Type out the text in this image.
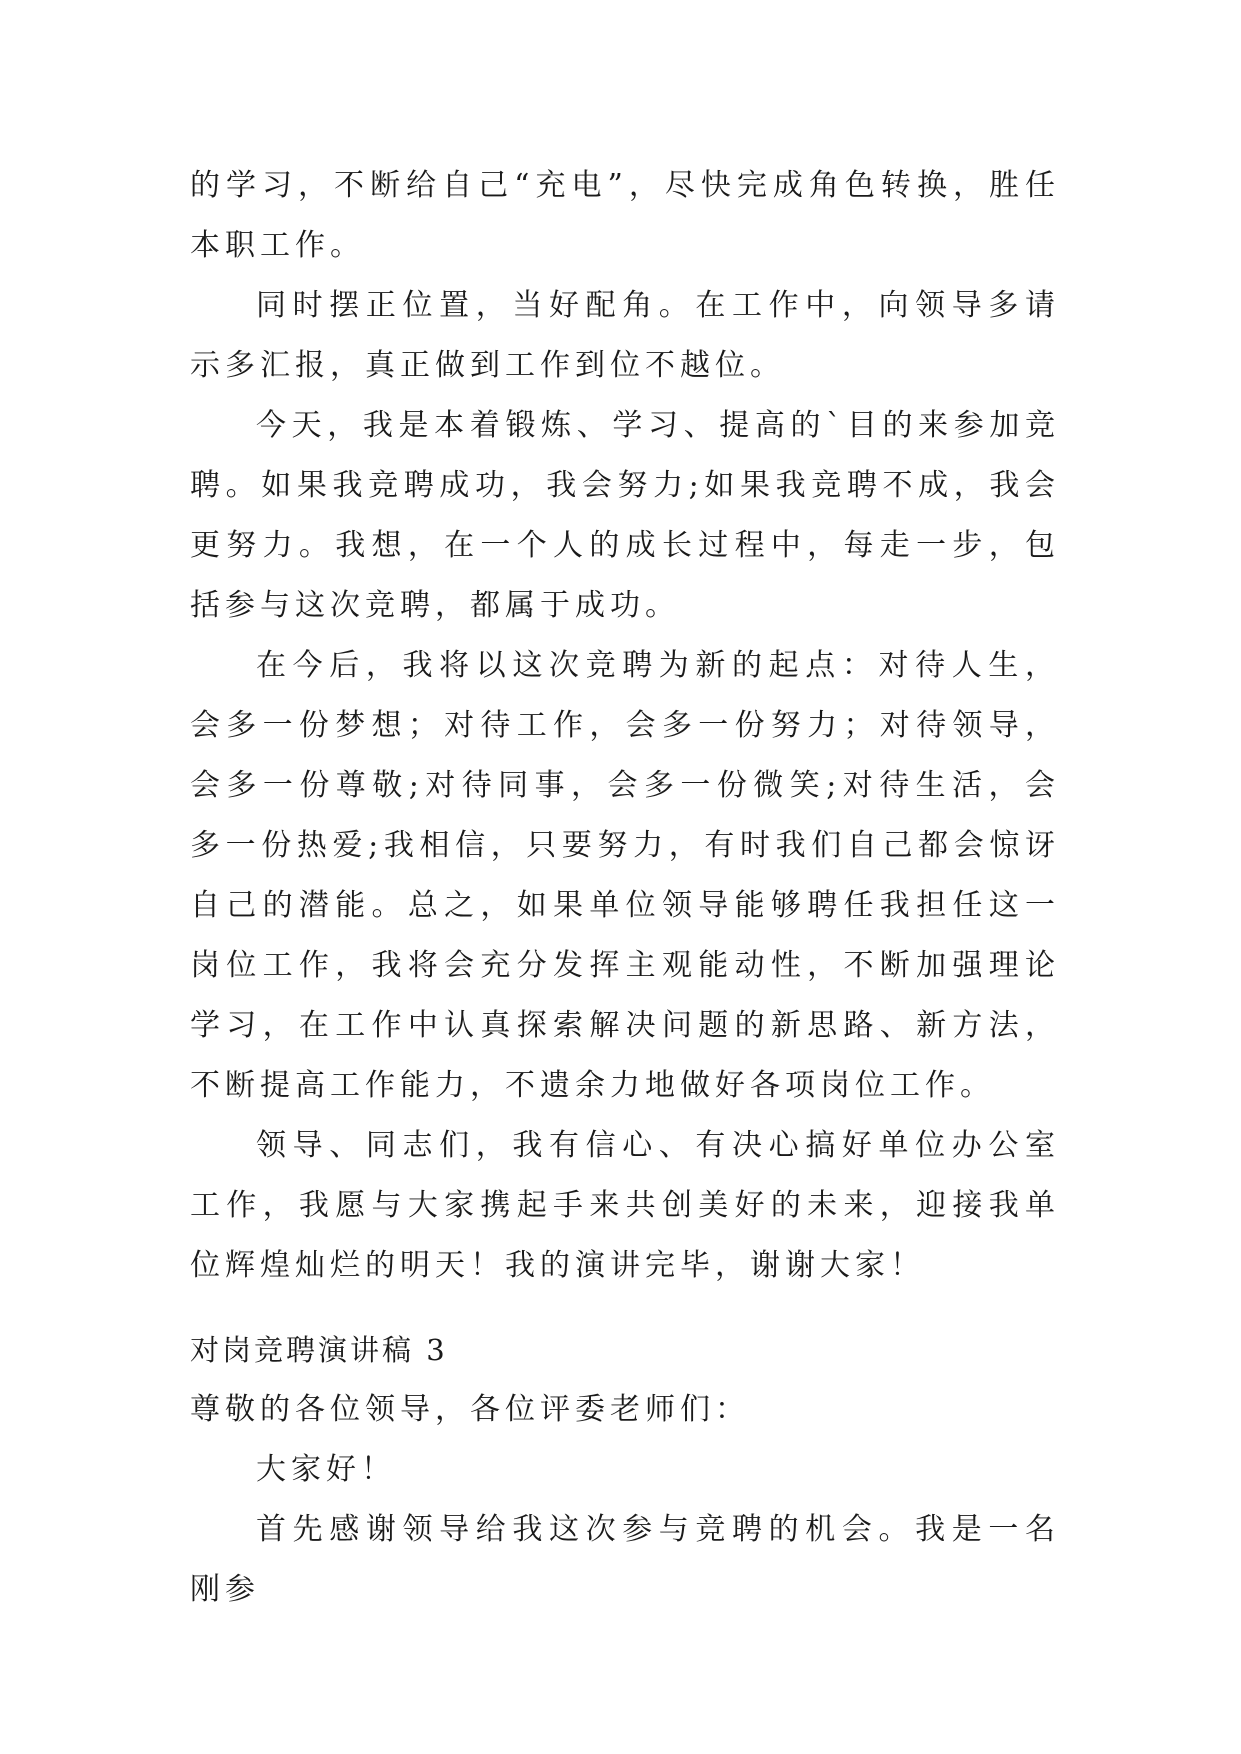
的学习，不断给自己“充电”，尽快完成角色转换，胜任本职工作。

同时摆正位置，当好配角。在工作中，向领导多请示多汇报，真正做到工作到位不越位。

今天，我是本着锻炼、学习、提高的`目的来参加竞聘。如果我竞聘成功，我会努力;如果我竞聘不成，我会更努力。我想，在一个人的成长过程中，每走一步，包括参与这次竞聘，都属于成功。

在今后，我将以这次竞聘为新的起点：对待人生，会多一份梦想；对待工作，会多一份努力；对待领导，会多一份尊敬;对待同事，会多一份微笑;对待生活，会多一份热爱;我相信，只要努力，有时我们自己都会惊讶自己的潜能。总之，如果单位领导能够聘任我担任这一岗位工作，我将会充分发挥主观能动性，不断加强理论学习，在工作中认真探索解决问题的新思路、新方法，不断提高工作能力，不遗余力地做好各项岗位工作。

领导、同志们，我有信心、有决心搞好单位办公室工作，我愿与大家携起手来共创美好的未来，迎接我单位辉煌灿烂的明天！我的演讲完毕，谢谢大家！

对岗竞聘演讲稿 3

尊敬的各位领导，各位评委老师们：

大家好！

首先感谢领导给我这次参与竞聘的机会。我是一名刚参
